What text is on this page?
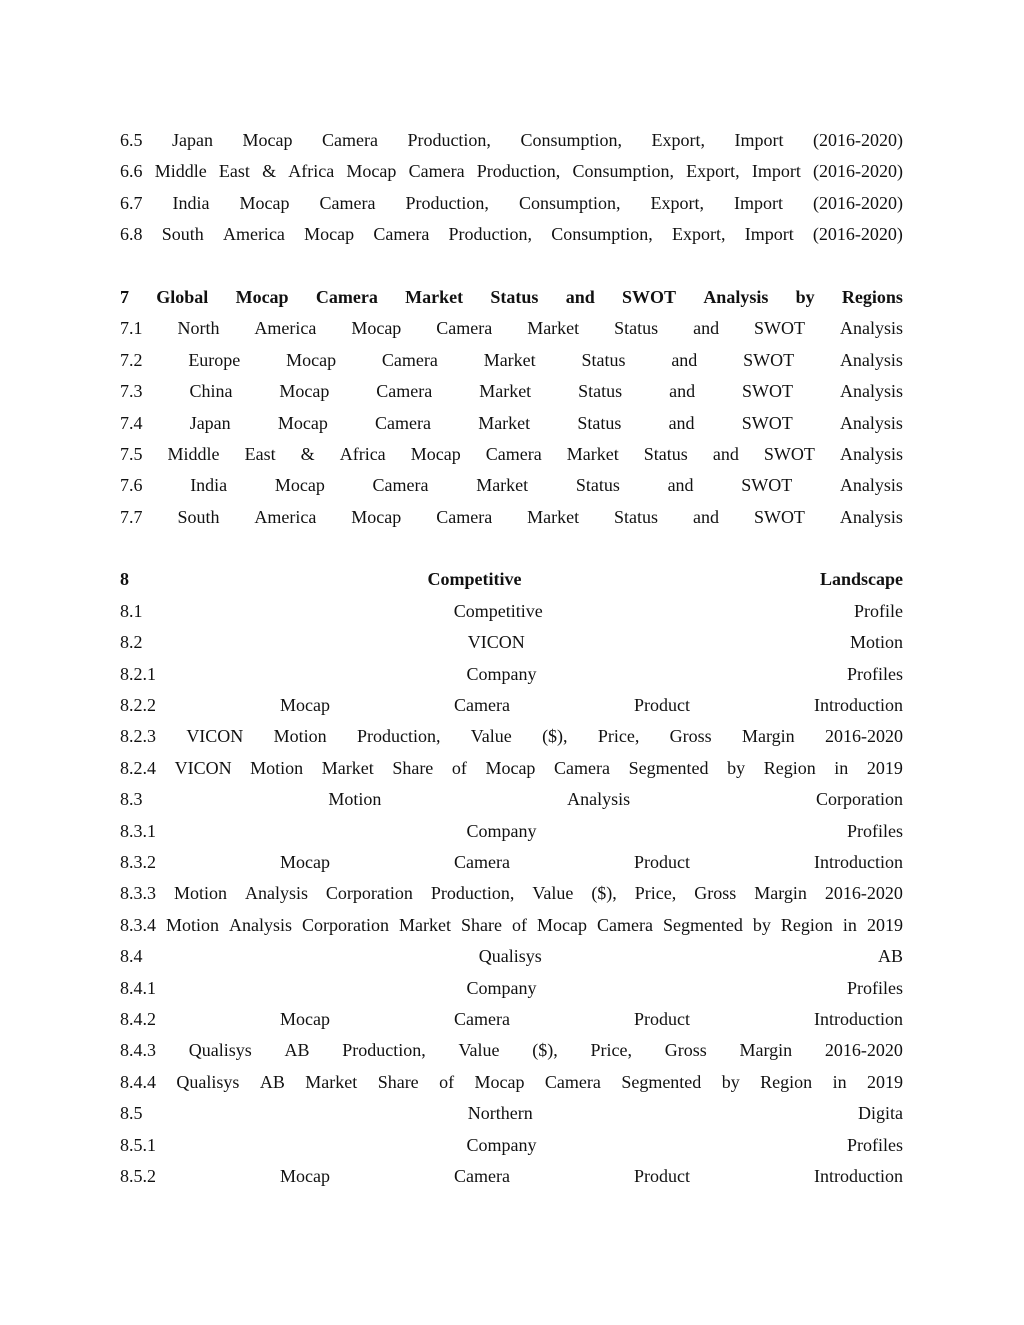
6.5 Japan Mocap Camera Production, Consumption, Export, Import (2016-2020)
6.6 Middle East & Africa Mocap Camera Production, Consumption, Export, Import (2016-2020)
6.7 India Mocap Camera Production, Consumption, Export, Import (2016-2020)
6.8 South America Mocap Camera Production, Consumption, Export, Import (2016-2020)
7 Global Mocap Camera Market Status and SWOT Analysis by Regions
7.1 North America Mocap Camera Market Status and SWOT Analysis
7.2	Europe	Mocap	Camera	Market	Status	and	SWOT	Analysis
7.3	China	Mocap	Camera	Market	Status	and	SWOT	Analysis
7.4	Japan	Mocap	Camera	Market	Status	and	SWOT	Analysis
7.5 Middle East & Africa Mocap Camera Market Status and SWOT Analysis
7.6	India	Mocap	Camera	Market	Status	and	SWOT	Analysis
7.7 South America Mocap Camera Market Status and SWOT Analysis
8	Competitive	Landscape
8.1	Competitive	Profile
8.2	VICON	Motion
8.2.1	Company	Profiles
8.2.2	Mocap	Camera	Product	Introduction
8.2.3 VICON Motion Production, Value ($), Price, Gross Margin 2016-2020
8.2.4 VICON Motion Market Share of Mocap Camera Segmented by Region in 2019
8.3	Motion	Analysis	Corporation
8.3.1	Company	Profiles
8.3.2	Mocap	Camera	Product	Introduction
8.3.3 Motion Analysis Corporation Production, Value ($), Price, Gross Margin 2016-2020
8.3.4 Motion Analysis Corporation Market Share of Mocap Camera Segmented by Region in 2019
8.4	Qualisys	AB
8.4.1	Company	Profiles
8.4.2	Mocap	Camera	Product	Introduction
8.4.3 Qualisys AB Production, Value ($), Price, Gross Margin 2016-2020
8.4.4 Qualisys AB Market Share of Mocap Camera Segmented by Region in 2019
8.5	Northern	Digita
8.5.1	Company	Profiles
8.5.2	Mocap	Camera	Product	Introduction
